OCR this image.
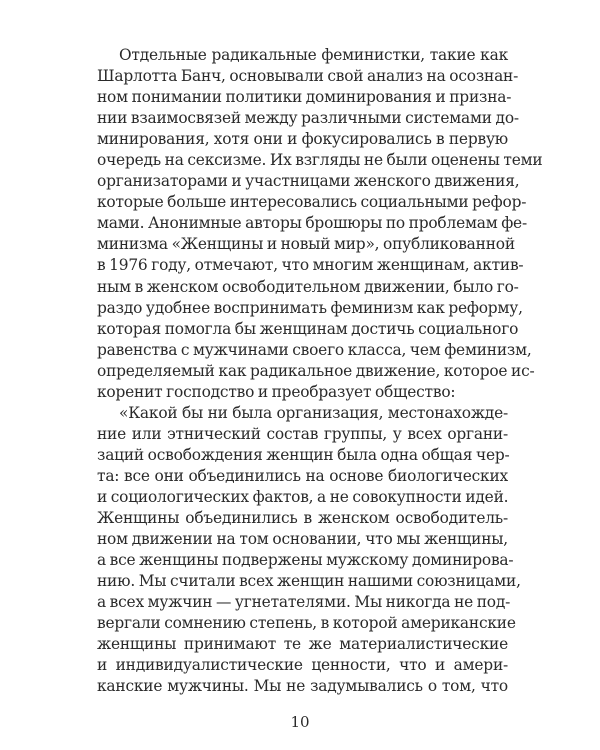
Отдельные радикальные феминистки, такие как
Шарлотта Банч, основывали свой анализ на осознан-
ном понимании политики доминирования и призна-
нии взаимосвязей между различными системами до-
минирования, хотя они и фокусировались в первую
очередь на сексизме. Их взгляды не были оценены теми
организаторами и участницами женского движения,
которые больше интересовались социальными рефор-
мами. Анонимные авторы брошюры по проблемам фе-
минизма «Женщины и новый мир», опубликованной
в 1976 году, отмечают, что многим женщинам, актив-
ным в женском освободительном движении, было го-
раздо удобнее воспринимать феминизм как реформу,
которая помогла бы женщинам достичь социального
равенства с мужчинами своего класса, чем феминизм,
определяемый как радикальное движение, которое ис-
коренит господство и преобразует общество:
«Какой бы ни была организация, местонахожде-
ние или этнический состав группы, у всех органи-
заций освобождения женщин была одна общая чер-
та: все они объединились на основе биологических
и социологических фактов, а не совокупности идей.
Женщины объединились в женском освободитель-
ном движении на том основании, что мы женщины,
а все женщины подвержены мужскому доминирова-
нию. Мы считали всех женщин нашими союзницами,
а всех мужчин — угнетателями. Мы никогда не под-
вергали сомнению степень, в которой американские
женщины принимают те же материалистические
и индивидуалистические ценности, что и амери-
канские мужчины. Мы не задумывались о том, что
10
